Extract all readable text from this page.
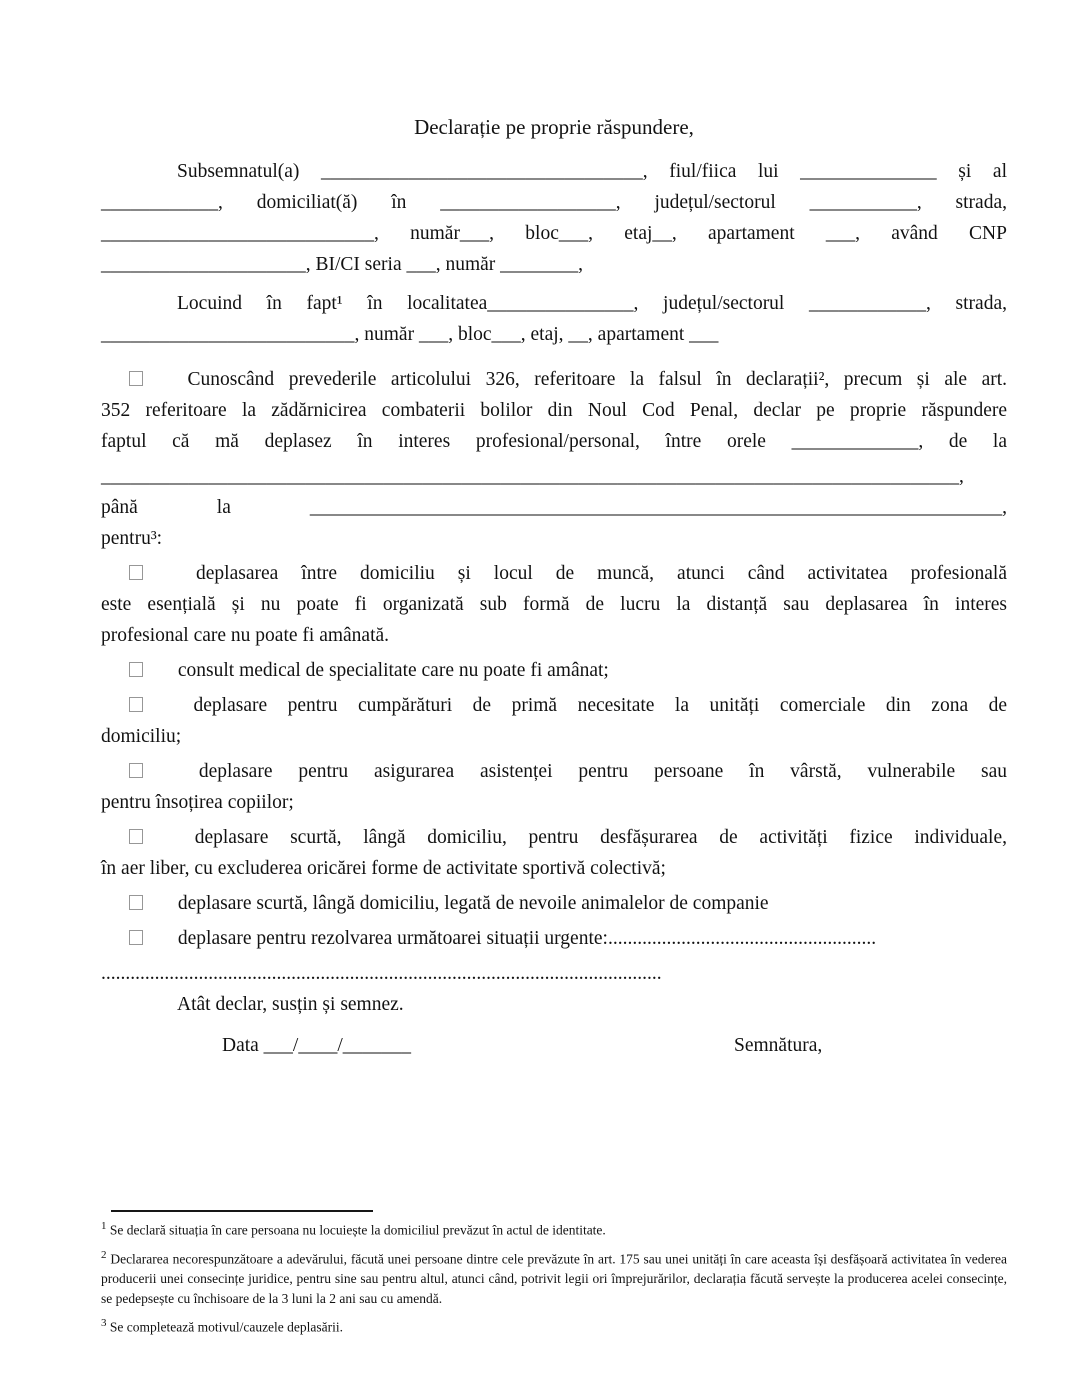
Declarație pe proprie răspundere,
Subsemnatul(a) _________________________________, fiul/fiica lui ______________ și al
____________, domiciliat(ă) în __________________, județul/sectorul ___________, strada,
____________________________, număr___, bloc___, etaj__, apartament ___, având CNP
_____________________, BI/CI seria ___, număr ________,
Locuind în fapt¹ în localitatea_______________, județul/sectorul ____________, strada,
__________________________, număr ___, bloc___, etaj, __, apartament ___
Cunoscând prevederile articolului 326, referitoare la falsul în declarații², precum și ale art.
352 referitoare la zădărnicirea combaterii bolilor din Noul Cod Penal, declar pe proprie răspundere
faptul că mă deplasez în interes profesional/personal, între orele _____________, de la
________________________________________________________________________________________,
până la _______________________________________________________________________,
pentru³:
deplasarea între domiciliu și locul de muncă, atunci când activitatea profesională
este esențială și nu poate fi organizată sub formă de lucru la distanță sau deplasarea în interes
profesional care nu poate fi amânată.
consult medical de specialitate care nu poate fi amânat;
deplasare pentru cumpărături de primă necesitate la unități comerciale din zona de
domiciliu;
deplasare pentru asigurarea asistenței pentru persoane în vârstă, vulnerabile sau
pentru însoțirea copiilor;
deplasare scurtă, lângă domiciliu, pentru desfășurarea de activități fizice individuale,
în aer liber, cu excluderea oricărei forme de activitate sportivă colectivă;
deplasare scurtă, lângă domiciliu, legată de nevoile animalelor de companie
deplasare pentru rezolvarea următoarei situații urgente:.......................................................
...................................................................................................................
Atât declar, susțin și semnez.
Data ___/____/_______	Semnătura,

$^1$ Se declară situația în care persoana nu locuiește la domiciliul prevăzut în actul de identitate.

$^2$ Declararea necorespunzătoare a adevărului, făcută unei persoane dintre cele prevăzute în art. 175 sau unei unități în care aceasta își desfășoară activitatea în vederea producerii unei consecințe juridice, pentru sine sau pentru altul, atunci când, potrivit legii ori împrejurărilor, declarația făcută servește la producerea acelei consecințe, se pedepsește cu închisoare de la 3 luni la 2 ani sau cu amendă.

$^3$ Se completează motivul/cauzele deplasării.
